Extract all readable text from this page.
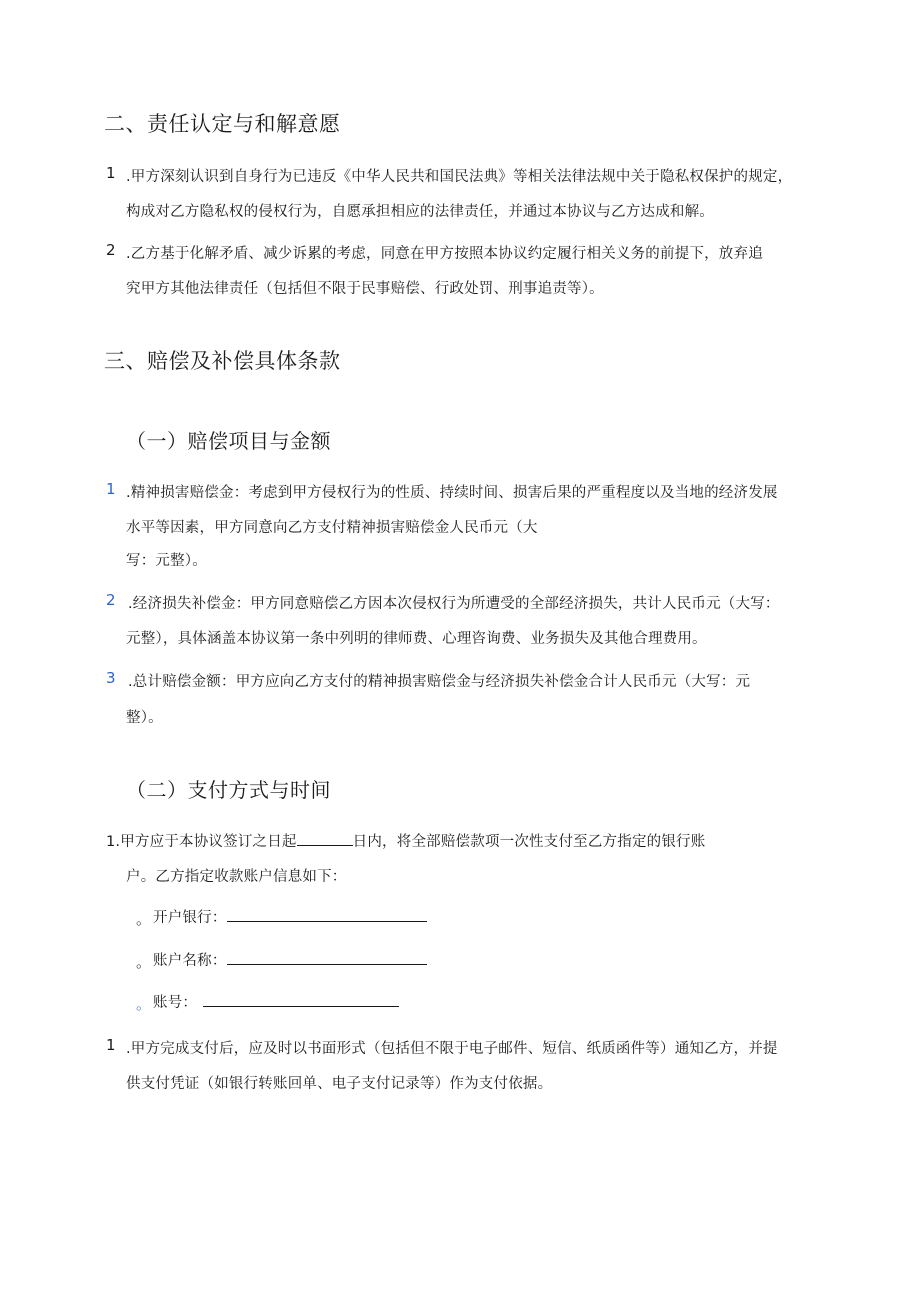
二、责任认定与和解意愿
1 .甲方深刻认识到自身行为已违反《中华人民共和国民法典》等相关法律法规中关于隐私权保护的规定，
构成对乙方隐私权的侵权行为，自愿承担相应的法律责任，并通过本协议与乙方达成和解。
2 .乙方基于化解矛盾、减少诉累的考虑，同意在甲方按照本协议约定履行相关义务的前提下，放弃追
究甲方其他法律责任（包括但不限于民事赔偿、行政处罚、刑事追责等）。
三、赔偿及补偿具体条款
（一）赔偿项目与金额
1 .精神损害赔偿金：考虑到甲方侵权行为的性质、持续时间、损害后果的严重程度以及当地的经济发展
水平等因素，甲方同意向乙方支付精神损害赔偿金人民币元（大
写：元整）。
2 .经济损失补偿金：甲方同意赔偿乙方因本次侵权行为所遭受的全部经济损失，共计人民币元（大写：
元整），具体涵盖本协议第一条中列明的律师费、心理咨询费、业务损失及其他合理费用。
3 .总计赔偿金额：甲方应向乙方支付的精神损害赔偿金与经济损失补偿金合计人民币元（大写：元
整）。
（二）支付方式与时间
1.甲方应于本协议签订之日起	日内，将全部赔偿款项一次性支付至乙方指定的银行账
户。乙方指定收款账户信息如下：
。 开户银行：
。 账户名称：
。 账号：
1 .甲方完成支付后，应及时以书面形式（包括但不限于电子邮件、短信、纸质函件等）通知乙方，并提
供支付凭证（如银行转账回单、电子支付记录等）作为支付依据。
